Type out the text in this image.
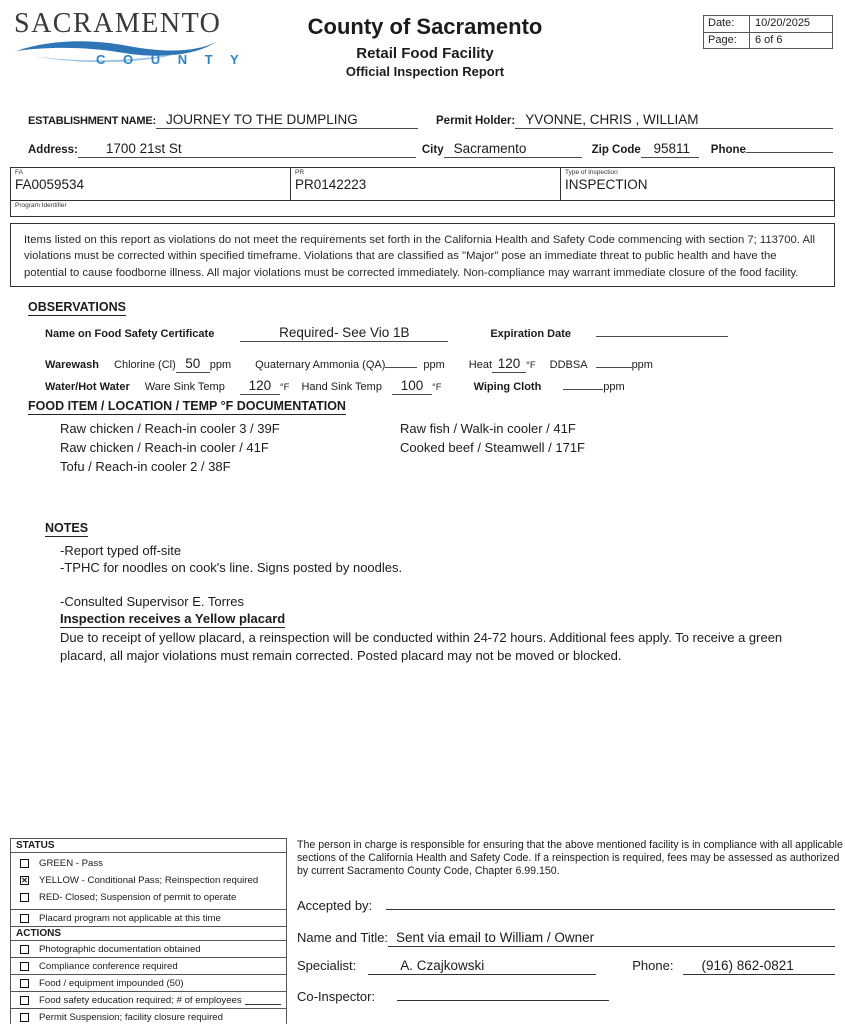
SACRAMENTO
C O U N T Y
County of Sacramento
Retail Food Facility
Official Inspection Report
Date:	10/20/2025
Page:	6 of 6
ESTABLISHMENT NAME: JOURNEY TO THE DUMPLING	Permit Holder: YVONNE, CHRIS , WILLIAM
Address:	1700 21st St	City Sacramento	Zip Code 95811	Phone
FA
FA0059534
PR
PR0142223
Type of Inspection
INSPECTION
Program Identifier
Items listed on this report as violations do not meet the requirements set forth in the California Health and Safety Code commencing with section 7; 113700. All violations must be corrected within specified timeframe. Violations that are classified as "Major" pose an immediate threat to public health and have the potential to cause foodborne illness. All major violations must be corrected immediately. Non-compliance may warrant immediate closure of the food facility.
OBSERVATIONS
Name on Food Safety Certificate	Required- See Vio 1B	Expiration Date
Warewash Chlorine (Cl) 50 ppm Quaternary Ammonia (QA)	ppm Heat 120 °F DDBSA	ppm
Water/Hot Water Ware Sink Temp	120 °F Hand Sink Temp	100 °F	Wiping Cloth	ppm
FOOD ITEM / LOCATION / TEMP °F DOCUMENTATION
Raw chicken / Reach-in cooler 3 / 39F
Raw chicken / Reach-in cooler / 41F
Tofu / Reach-in cooler 2 / 38F
Raw fish / Walk-in cooler / 41F
Cooked beef / Steamwell / 171F
NOTES
-Report typed off-site
-TPHC for noodles on cook's line. Signs posted by noodles.
-Consulted Supervisor E. Torres
Inspection receives a Yellow placard
Due to receipt of yellow placard, a reinspection will be conducted within 24-72 hours. Additional fees apply. To receive a green placard, all major violations must remain corrected. Posted placard may not be moved or blocked.
STATUS
GREEN - Pass
✕ YELLOW - Conditional Pass; Reinspection required
RED- Closed; Suspension of permit to operate
Placard program not applicable at this time
ACTIONS
Photographic documentation obtained
Compliance conference required
Food / equipment impounded (50)
Food safety education required; # of employees
Permit Suspension; facility closure required
The person in charge is responsible for ensuring that the above mentioned facility is in compliance with all applicable sections of the California Health and Safety Code. If a reinspection is required, fees may be assessed as authorized by current Sacramento County Code, Chapter 6.99.150.
Accepted by:
Name and Title: Sent via email to William / Owner
Specialist:	A. Czajkowski	Phone:	(916) 862-0821
Co-Inspector:
